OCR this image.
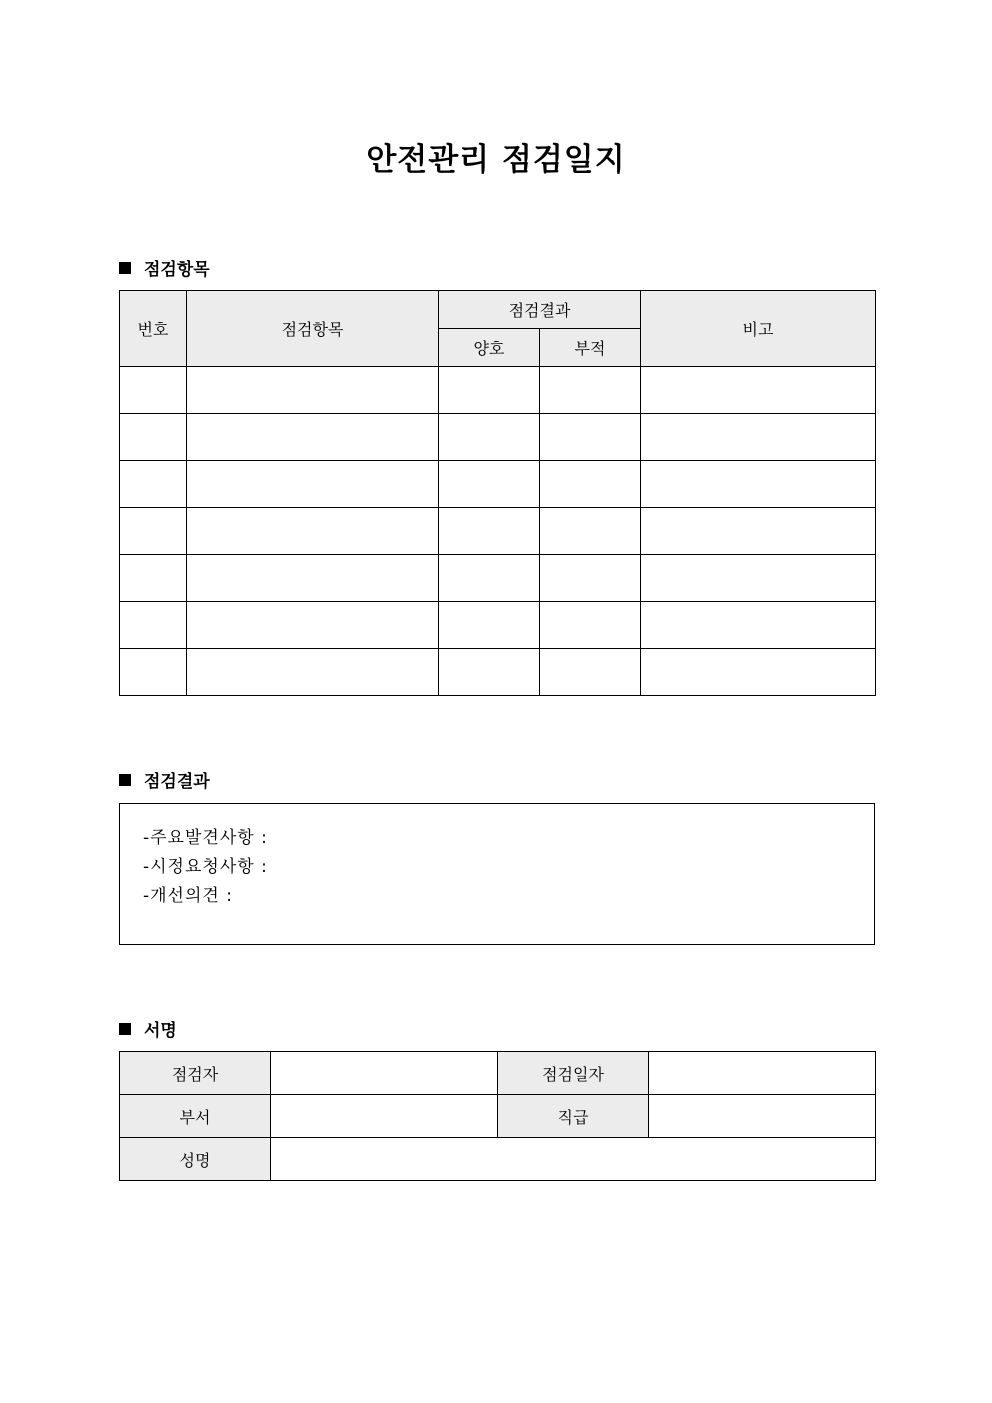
안전관리 점검일지
점검항목
번호	점검항목	점검결과		비고
		양호	부적	

점검결과
-주요발견사항 :
-시정요청사항 :
-개선의견 :
서명
점검자		점검일자	
부서		직급	
성명			
